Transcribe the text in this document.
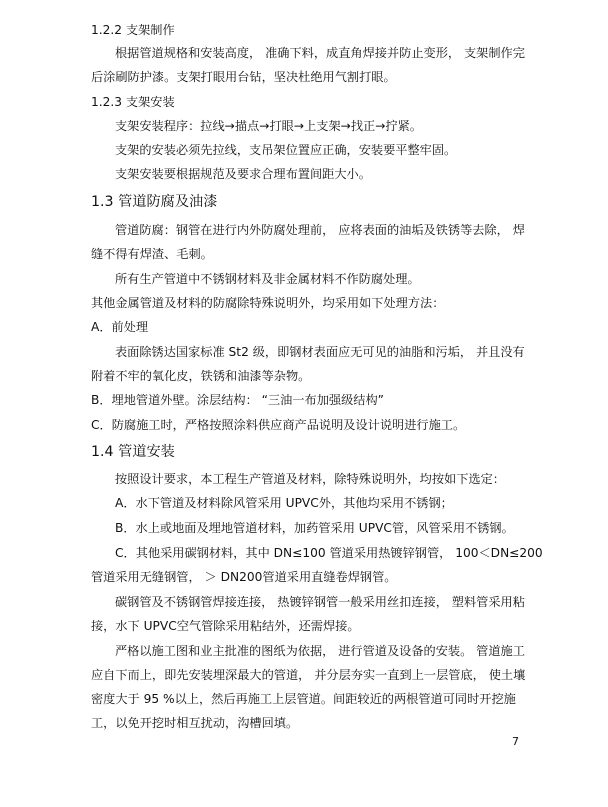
1.2.2 支架制作
根据管道规格和安装高度， 准确下料，成直角焊接并防止变形， 支架制作完
后涂刷防护漆。支架打眼用台钻，坚决杜绝用气割打眼。
1.2.3 支架安装
支架安装程序：拉线→描点→打眼→上支架→找正→拧紧。
支架的安装必须先拉线，支吊架位置应正确，安装要平整牢固。
支架安装要根据规范及要求合理布置间距大小。
1.3 管道防腐及油漆
管道防腐：钢管在进行内外防腐处理前， 应将表面的油垢及铁锈等去除， 焊
缝不得有焊渣、毛刺。
所有生产管道中不锈钢材料及非金属材料不作防腐处理。
其他金属管道及材料的防腐除特殊说明外，均采用如下处理方法：
A．前处理
表面除锈达国家标准 St2 级，即钢材表面应无可见的油脂和污垢， 并且没有
附着不牢的氧化皮，铁锈和油漆等杂物。
B．埋地管道外壁。涂层结构： “三油一布加强级结构”
C．防腐施工时，严格按照涂料供应商产品说明及设计说明进行施工。
1.4 管道安装
按照设计要求，本工程生产管道及材料，除特殊说明外，均按如下选定：
A．水下管道及材料除风管采用 UPVC外，其他均采用不锈钢；
B．水上或地面及埋地管道材料，加药管采用 UPVC管，风管采用不锈钢。
C．其他采用碳钢材料，其中 DN≤100 管道采用热镀锌钢管， 100＜DN≤200
管道采用无缝钢管， ＞ DN200管道采用直缝卷焊钢管。
碳钢管及不锈钢管焊接连接， 热镀锌钢管一般采用丝扣连接， 塑料管采用粘
接，水下 UPVC空气管除采用粘结外，还需焊接。
严格以施工图和业主批准的图纸为依据， 进行管道及设备的安装。 管道施工
应自下而上，即先安装埋深最大的管道， 并分层夯实一直到上一层管底， 使土壤
密度大于 95 %以上，然后再施工上层管道。间距较近的两根管道可同时开挖施
工，以免开挖时相互扰动，沟槽回填。
7
